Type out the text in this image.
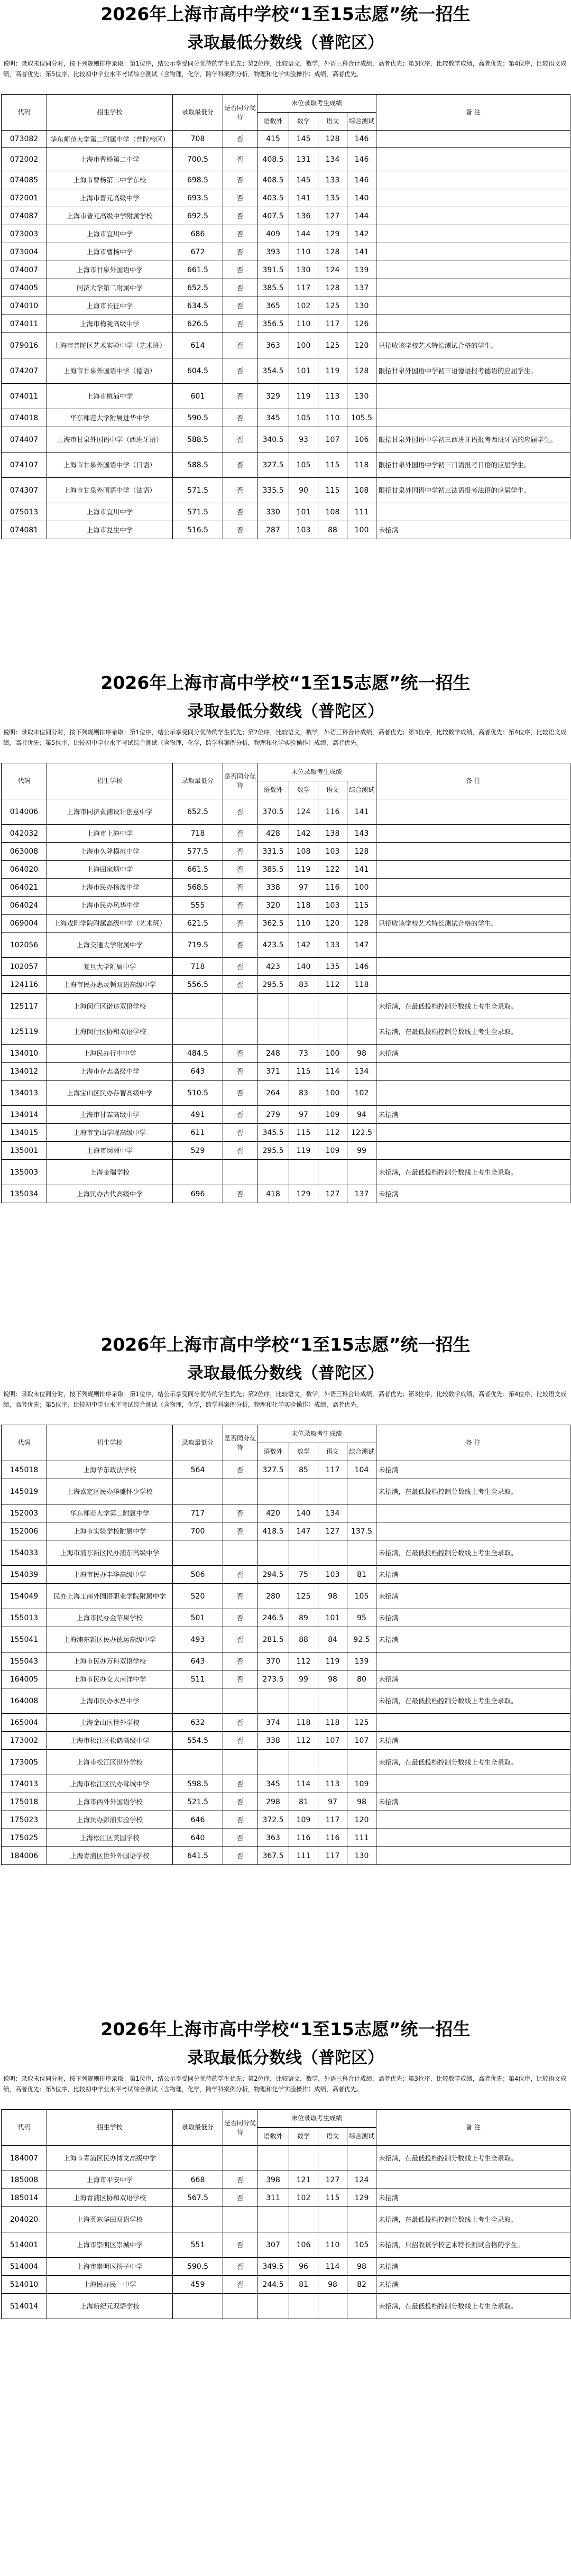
2026年上海市高中学校“1至15志愿”统一招生
录取最低分数线（普陀区）
说明：录取未位同分时，按下列规则排序录取：第1位序，结公示享受同分优待的学生优先；第2位序，比较语文，数学，外语三科合计成绩，高者优先；第3位序，比较数学成绩，高者优先；第4位序，比较语文成绩，高者优先；第5位序，比较初中学业水平考试综合测试（含物理，化学，跨学科案例分析，物理和化学实验操作）成绩，高者优先。
代码	招生学校	录取最低分	是否同分优待	末位录取考生成绩				备 注
				语数外	数学	语文	综合测试	
073082	华东师范大学第二附属中学（普陀校区）	708	否	415	145	128	146	
072002	上海市曹杨第二中学	700.5	否	408.5	131	134	146	
074085	上海市曹杨第二中学东校	698.5	否	408.5	145	133	146	
072001	上海市晋元高级中学	693.5	否	403.5	141	135	140	
074087	上海市普元高级中学附属学校	692.5	否	407.5	136	127	144	
073003	上海市宜川中学	686	否	409	144	129	142	
073004	上海市曹杨中学	672	否	393	110	128	141	
074007	上海市甘泉外国语中学	661.5	否	391.5	130	124	139	
074005	同济大学第二附属中学	652.5	否	385.5	117	128	137	
074010	上海市长征中学	634.5	否	365	102	125	130	
074011	上海市梅陇高级中学	626.5	否	356.5	110	117	126	
079016	上海市普陀区艺术实验中学（艺术班）	614	否	363	100	125	120	只招收该学校艺术特长测试合格的学生。
074207	上海市甘泉外国语中学（德语）	604.5	否	354.5	101	119	128	限招甘泉外国语中学初三语德语报考德语的应届学生。
074011	上海市桃浦中学	601	否	329	119	113	130	
074018	华东师范大学附属进华中学	590.5	否	345	105	110	105.5	
074407	上海市甘泉外国语中学（西班牙语）	588.5	否	340.5	93	107	106	限招甘泉外国语中学初三西班牙语报考西班牙语的应届学生。
074107	上海市甘泉外国语中学（日语）	588.5	否	327.5	105	115	118	限招甘泉外国语中学初三日语报考日语的应届学生。
074307	上海市甘泉外国语中学（法语）	571.5	否	335.5	90	115	108	限招甘泉外国语中学初三法语报考法语的应届学生。
075013	上海市宜川中学	571.5	否	330	101	108	111	
074081	上海市复生中学	516.5	否	287	103	88	100	未招满
2026年上海市高中学校“1至15志愿”统一招生
录取最低分数线（普陀区）
说明：录取未位同分时，按下列规则排序录取：第1位序，结公示享受同分优待的学生优先；第2位序，比较语文，数学，外语三科合计成绩，高者优先；第3位序，比较数学成绩，高者优先；第4位序，比较语文成绩，高者优先；第5位序，比较初中学业水平考试综合测试（含物理，化学，跨学科案例分析，物理和化学实验操作）成绩，高者优先。
代码	招生学校	录取最低分	是否同分优待	末位录取考生成绩				备 注
				语数外	数学	语文	综合测试	
014006	上海市同济黄浦设计创意中学	652.5	否	370.5	124	116	141	
042032	上海市上海中学	718	否	428	142	138	143	
063008	上海市久隆模范中学	577.5	否	331.5	108	103	128	
064020	上海田家炳中学	661.5	否	385.5	119	122	141	
064021	上海市民办扬波中学	568.5	否	338	97	116	100	
064024	上海市民办风华中学	555	否	320	118	103	115	
069004	上海戏剧学院附属高级中学（艺术班）	621.5	否	362.5	110	120	128	只招收该学校艺术特长测试合格的学生。
102056	上海交通大学附属中学	719.5	否	423.5	142	133	147	
102057	复旦大学附属中学	718	否	423	140	135	146	
124116	上海市民办惠灵顿双语高级中学	556.5	否	295.5	83	112	118	
125117	上海闵行区诺达双语学校							未招满，在最低投档控制分数线上考生全录取。
125119	上海闵行区协和双语学校							未招满，在最低投档控制分数线上考生全录取。
134010	上海民办行中中学	484.5	否	248	73	100	98	未招满
134012	上海市存志高级中学	643	否	371	115	114	134	
134013	上海宝山区民办存智高级中学	510.5	否	264	83	100	102	
134014	上海市甘霖高级中学	491	否	279	97	109	94	未招满
134015	上海市宝山学曜高级中学	611	否	345.5	115	112	122.5	
135001	上海市闵洲中学	529	否	295.5	119	109	99	
135003	上海金瑞学校							未招满，在最低投档控制分数线上考生全录取。
135034	上海民办古代高级中学	696	否	418	129	127	137	未招满
2026年上海市高中学校“1至15志愿”统一招生
录取最低分数线（普陀区）
说明：录取未位同分时，按下列规则排序录取：第1位序，结公示享受同分优待的学生优先；第2位序，比较语文，数学，外语三科合计成绩，高者优先；第3位序，比较数学成绩，高者优先；第4位序，比较语文成绩，高者优先；第5位序，比较初中学业水平考试综合测试（含物理，化学，跨学科案例分析，物理和化学实验操作）成绩，高者优先。
代码	招生学校	录取最低分	是否同分优待	末位录取考生成绩				备 注
				语数外	数学	语文	综合测试	
145018	上海华东政法学校	564	否	327.5	85	117	104	未招满
145019	上海嘉定区民办华盛怀少学校							未招满，在最低投档控制分数线上考生全录取。
152003	华东师范大学第二附属中学	717	否	420	140	134		
152006	上海市实验学校附属中学	700	否	418.5	147	127	137.5	
154033	上海市浦东新区民办浦东高级中学							未招满，在最低投档控制分数线上考生全录取。
154039	上海市民办丰华高级中学	506	否	294.5	75	103	81	未招满
154049	民办上海工商外国语职业学院附属中学	520	否	280	125	98	105	未招满
155013	上海市民办金苹果学校	501	否	246.5	89	101	95	未招满
155041	上海浦东新区民办德运高级中学	493	否	281.5	88	84	92.5	未招满
155043	上海市民办万科双语学校	643	否	370	112	119	139	
164005	上海市民办交大南洋中学	511	否	273.5	99	98	80	未招满
164008	上海市民办永昌中学							未招满，在最低投档控制分数线上考生全录取。
165004	上海金山区世外学校	632	否	374	118	118	125	
173002	上海市松江区松鹤高级中学	554.5	否	338	112	107	107	未招满
173005	上海市松江区世外学校							未招满，在最低投档控制分数线上考生全录取。
174013	上海市松江区民办茸城中学	598.5	否	345	114	113	109	
175018	上海市西外外国语学校	521.5	否	298	81	97	98	未招满
175023	上海民办彭浦实验学校	646	否	372.5	109	117	120	
175025	上海松江区美国学校	640	否	363	116	116	111	
184006	上海青浦区世外外国语学校	641.5	否	367.5	111	117	130	
2026年上海市高中学校“1至15志愿”统一招生
录取最低分数线（普陀区）
说明：录取未位同分时，按下列规则排序录取：第1位序，结公示享受同分优待的学生优先；第2位序，比较语文，数学，外语三科合计成绩，高者优先；第3位序，比较数学成绩，高者优先；第4位序，比较语文成绩，高者优先；第5位序，比较初中学业水平考试综合测试（含物理，化学，跨学科案例分析，物理和化学实验操作）成绩，高者优先。
代码	招生学校	录取最低分	是否同分优待	末位录取考生成绩				备 注
				语数外	数学	语文	综合测试	
184007	上海市青浦区民办博文高级中学							未招满，在最低投档控制分数线上考生全录取。
185008	上海市平安中学	668	否	398	121	127	124	
185014	上海青浦区协和双语学校	567.5	否	311	102	115	129	未招满
204020	上海英东华田双语学校							未招满，在最低投档控制分数线上考生全录取。
514001	上海市崇明区崇城中学	551	否	307	106	110	105	未招满，只招收该学校艺术特长测试合格的学生。
514004	上海市崇明区扬子中学	590.5	否	349.5	96	114	98	未招满
514010	上海民办民一中学	459	否	244.5	81	98	82	未招满
514014	上海新纪元双语学校							未招满，在最低投档控制分数线上考生全录取。
